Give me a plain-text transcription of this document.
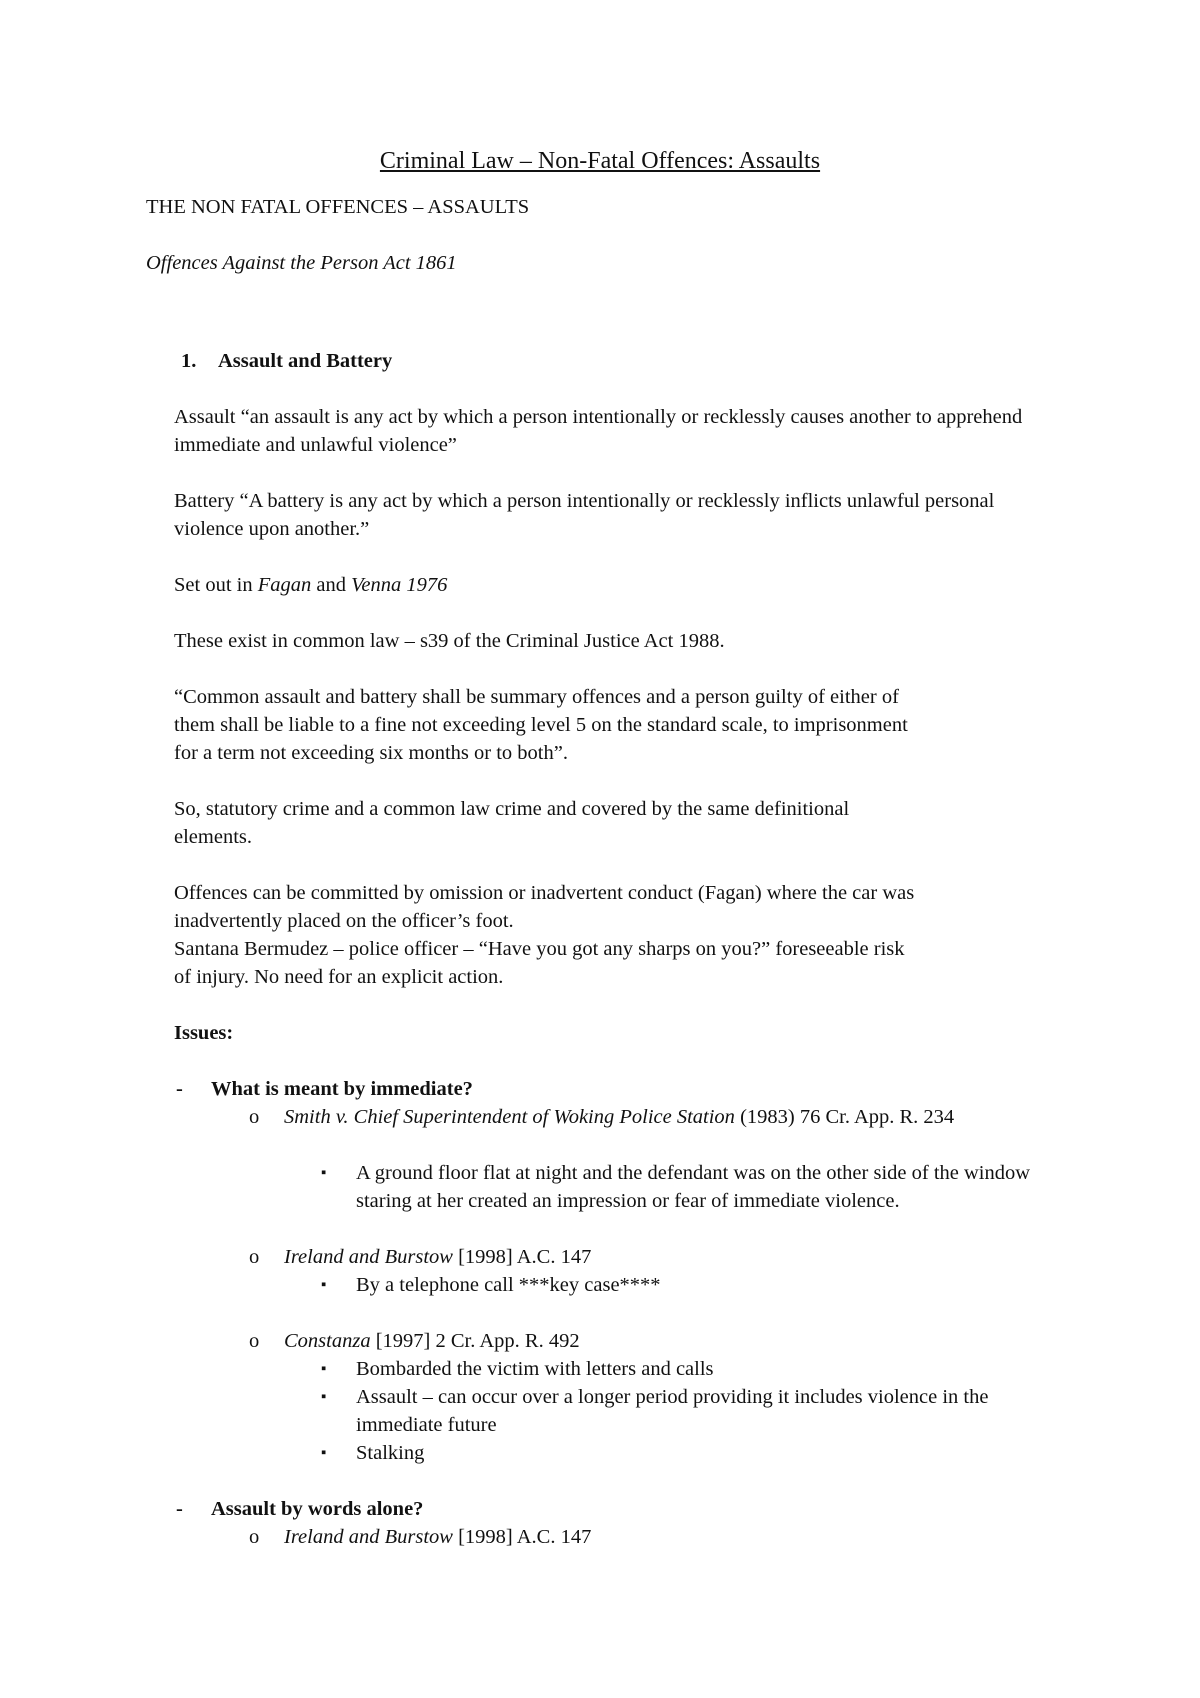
Criminal Law – Non-Fatal Offences: Assaults
THE NON FATAL OFFENCES – ASSAULTS
Offences Against the Person Act 1861
1. Assault and Battery
Assault “an assault is any act by which a person intentionally or recklessly causes another to apprehend
immediate and unlawful violence”
Battery “A battery is any act by which a person intentionally or recklessly inflicts unlawful personal
violence upon another.”
Set out in Fagan and Venna 1976
These exist in common law – s39 of the Criminal Justice Act 1988.
“Common assault and battery shall be summary offences and a person guilty of either of
them shall be liable to a fine not exceeding level 5 on the standard scale, to imprisonment
for a term not exceeding six months or to both”.
So, statutory crime and a common law crime and covered by the same definitional
elements.
Offences can be committed by omission or inadvertent conduct (Fagan) where the car was
inadvertently placed on the officer’s foot.
Santana Bermudez – police officer – “Have you got any sharps on you?” foreseeable risk
of injury. No need for an explicit action.
Issues:
- What is meant by immediate?
o Smith v. Chief Superintendent of Woking Police Station (1983) 76 Cr. App. R. 234
▪ A ground floor flat at night and the defendant was on the other side of the window
staring at her created an impression or fear of immediate violence.
o Ireland and Burstow [1998] A.C. 147
▪ By a telephone call ***key case****
o Constanza [1997] 2 Cr. App. R. 492
▪ Bombarded the victim with letters and calls
▪ Assault – can occur over a longer period providing it includes violence in the
immediate future
▪ Stalking
- Assault by words alone?
o Ireland and Burstow [1998] A.C. 147
